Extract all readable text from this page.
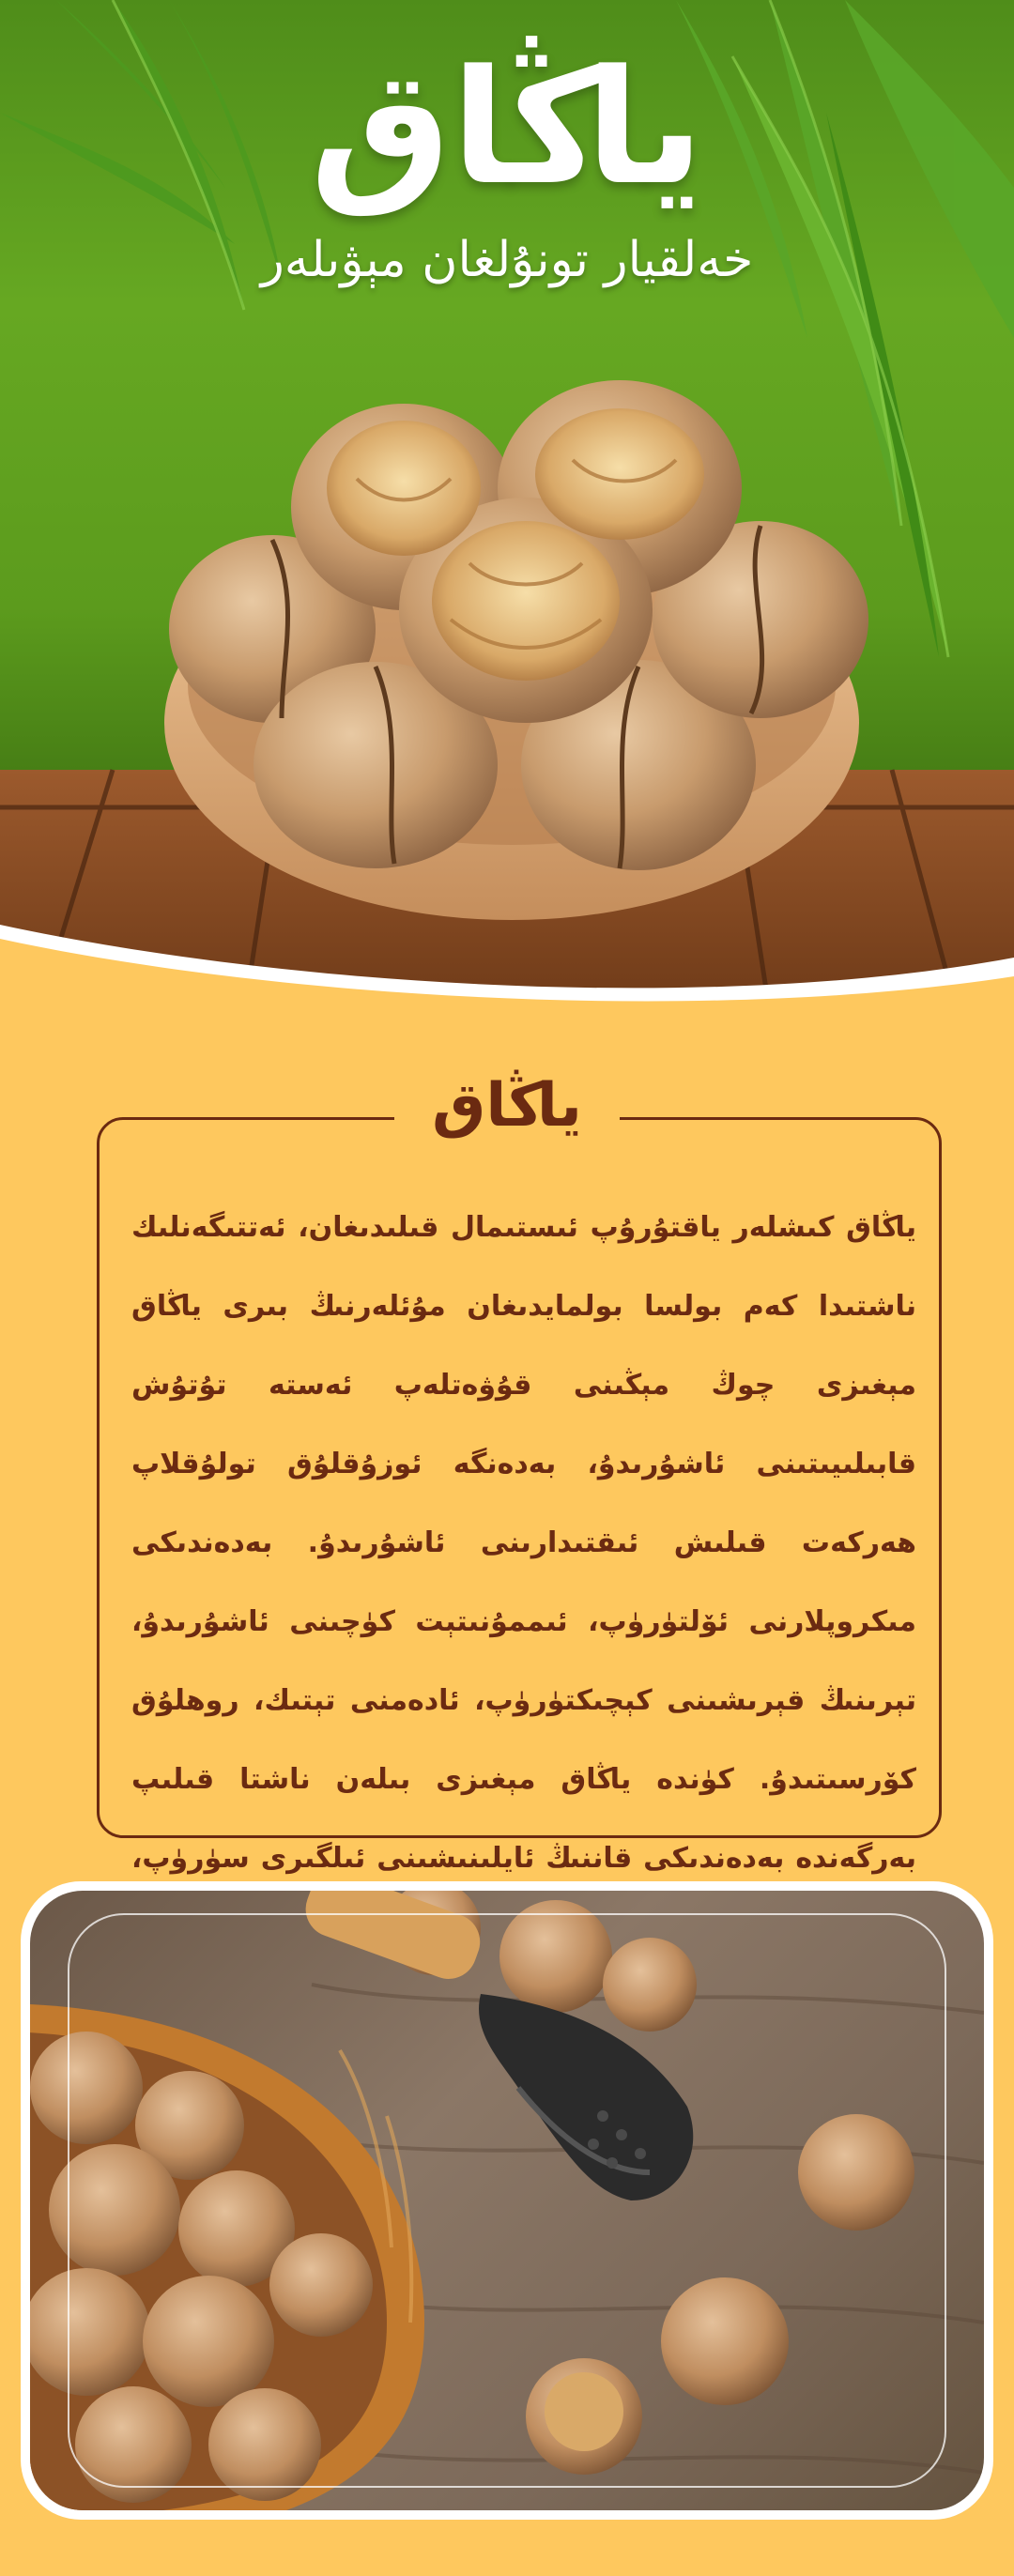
ياڭاق
خەلقيار تونۇلغان مېۋىلەر
ياڭاق
ياڭاق كىشلەر ياقتۇرۇپ ئىستىمال قىلىدىغان، ئەتتىگەنلىك ناشتىدا كەم بولسا بولمايدىغان مۇئلەرنىڭ بىرى ياڭاق مېغىزى چوڭ مېڭىنى قۇۋەتلەپ ئەستە تۇتۇش قابىلىيىتىنى ئاشۇرىدۇ، بەدەنگە ئوزۇقلۇق تولۇقلاپ ھەركەت قىلىش ئىقتىدارىنى ئاشۇرىدۇ. بەدەندىكى مىكروپلارنى ئۆلتۈرۈپ، ئىممۇنىتېت كۈچىنى ئاشۇرىدۇ، تېرىنىڭ قېرىشىنى كېچىكتۈرۈپ، ئادەمنى تېتىك، روھلۇق كۆرسىتىدۇ. كۈندە ياڭاق مېغىزى بىلەن ناشتا قىلىپ بەرگەندە بەدەندىكى قاننىڭ ئايلىنىشىنى ئىلگىرى سۈرۈپ،
